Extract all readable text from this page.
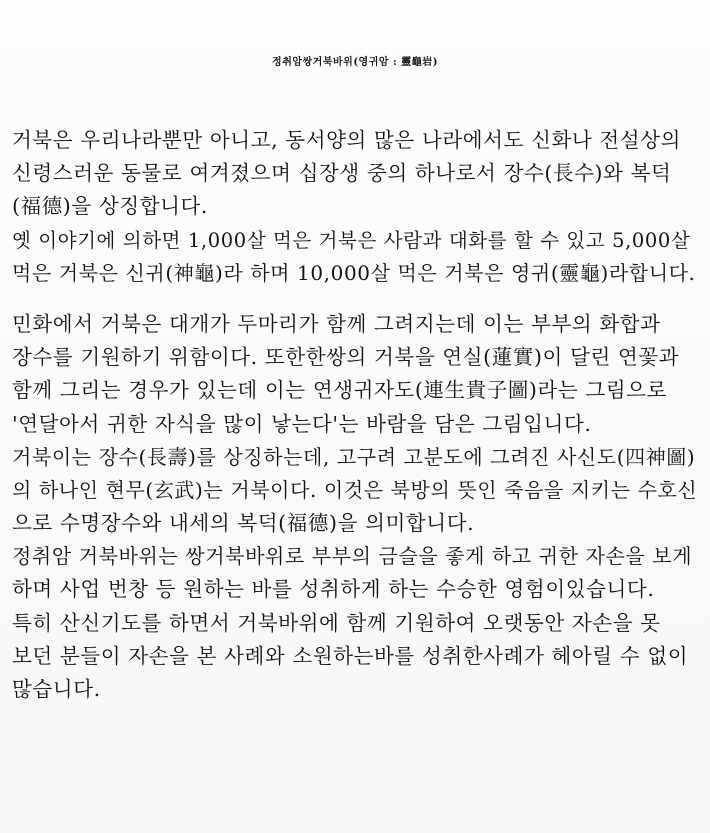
정취암쌍거북바위(영귀암 : 靈龜岩)
거북은 우리나라뿐만 아니고, 동서양의 많은 나라에서도 신화나 전설상의
신령스러운 동물로 여겨졌으며 십장생 중의 하나로서 장수(長수)와 복덕
(福德)을 상징합니다.
옛 이야기에 의하면 1,000살 먹은 거북은 사람과 대화를 할 수 있고 5,000살
먹은 거북은 신귀(神龜)라 하며 10,000살 먹은 거북은 영귀(靈龜)라합니다.
민화에서 거북은 대개가 두마리가 함께 그려지는데 이는 부부의 화합과
장수를 기원하기 위함이다. 또한한쌍의 거북을 연실(蓮實)이 달린 연꽃과
함께 그리는 경우가 있는데 이는 연생귀자도(連生貴子圖)라는 그림으로
'연달아서 귀한 자식을 많이 낳는다'는 바람을 담은 그림입니다.
거북이는 장수(長壽)를 상징하는데, 고구려 고분도에 그려진 사신도(四神圖)
의 하나인 현무(玄武)는 거북이다. 이것은 북방의 뜻인 죽음을 지키는 수호신
으로 수명장수와 내세의 복덕(福德)을 의미합니다.
정취암 거북바위는 쌍거북바위로 부부의 금슬을 좋게 하고 귀한 자손을 보게
하며 사업 번창 등 원하는 바를 성취하게 하는 수승한 영험이있습니다.
특히 산신기도를 하면서 거북바위에 함께 기원하여 오랫동안 자손을 못
보던 분들이 자손을 본 사례와 소원하는바를 성취한사례가 헤아릴 수 없이
많습니다.
